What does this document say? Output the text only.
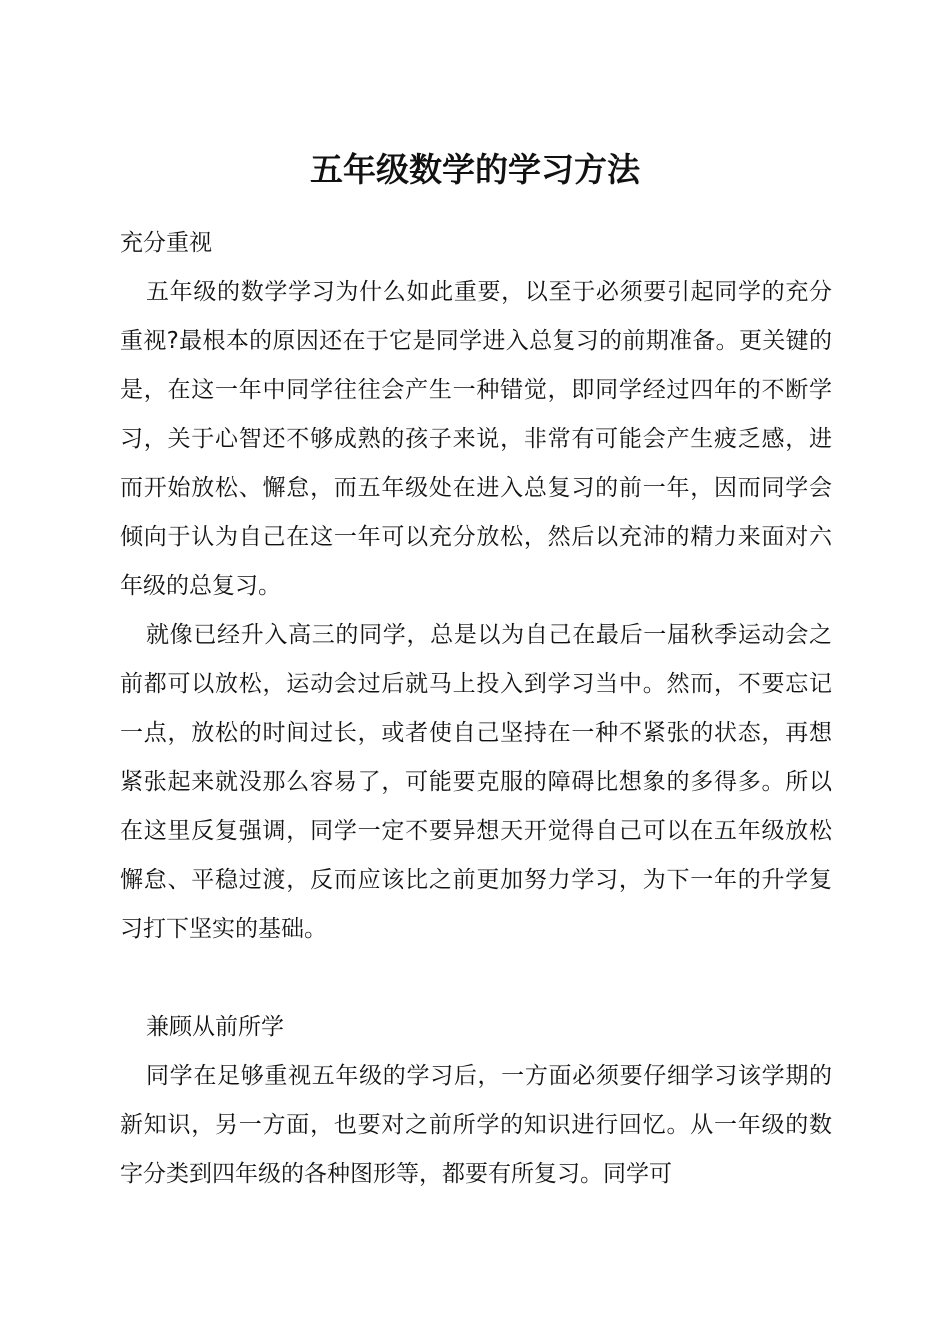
五年级数学的学习方法

充分重视

五年级的数学学习为什么如此重要，以至于必须要引起同学的充分重视?最根本的原因还在于它是同学进入总复习的前期准备。更关键的是，在这一年中同学往往会产生一种错觉，即同学经过四年的不断学习，关于心智还不够成熟的孩子来说，非常有可能会产生疲乏感，进而开始放松、懈怠，而五年级处在进入总复习的前一年，因而同学会倾向于认为自己在这一年可以充分放松，然后以充沛的精力来面对六年级的总复习。

就像已经升入高三的同学，总是以为自己在最后一届秋季运动会之前都可以放松，运动会过后就马上投入到学习当中。然而，不要忘记一点，放松的时间过长，或者使自己坚持在一种不紧张的状态，再想紧张起来就没那么容易了，可能要克服的障碍比想象的多得多。所以在这里反复强调，同学一定不要异想天开觉得自己可以在五年级放松懈怠、平稳过渡，反而应该比之前更加努力学习，为下一年的升学复习打下坚实的基础。

兼顾从前所学

同学在足够重视五年级的学习后，一方面必须要仔细学习该学期的新知识，另一方面，也要对之前所学的知识进行回忆。从一年级的数字分类到四年级的各种图形等，都要有所复习。同学可
